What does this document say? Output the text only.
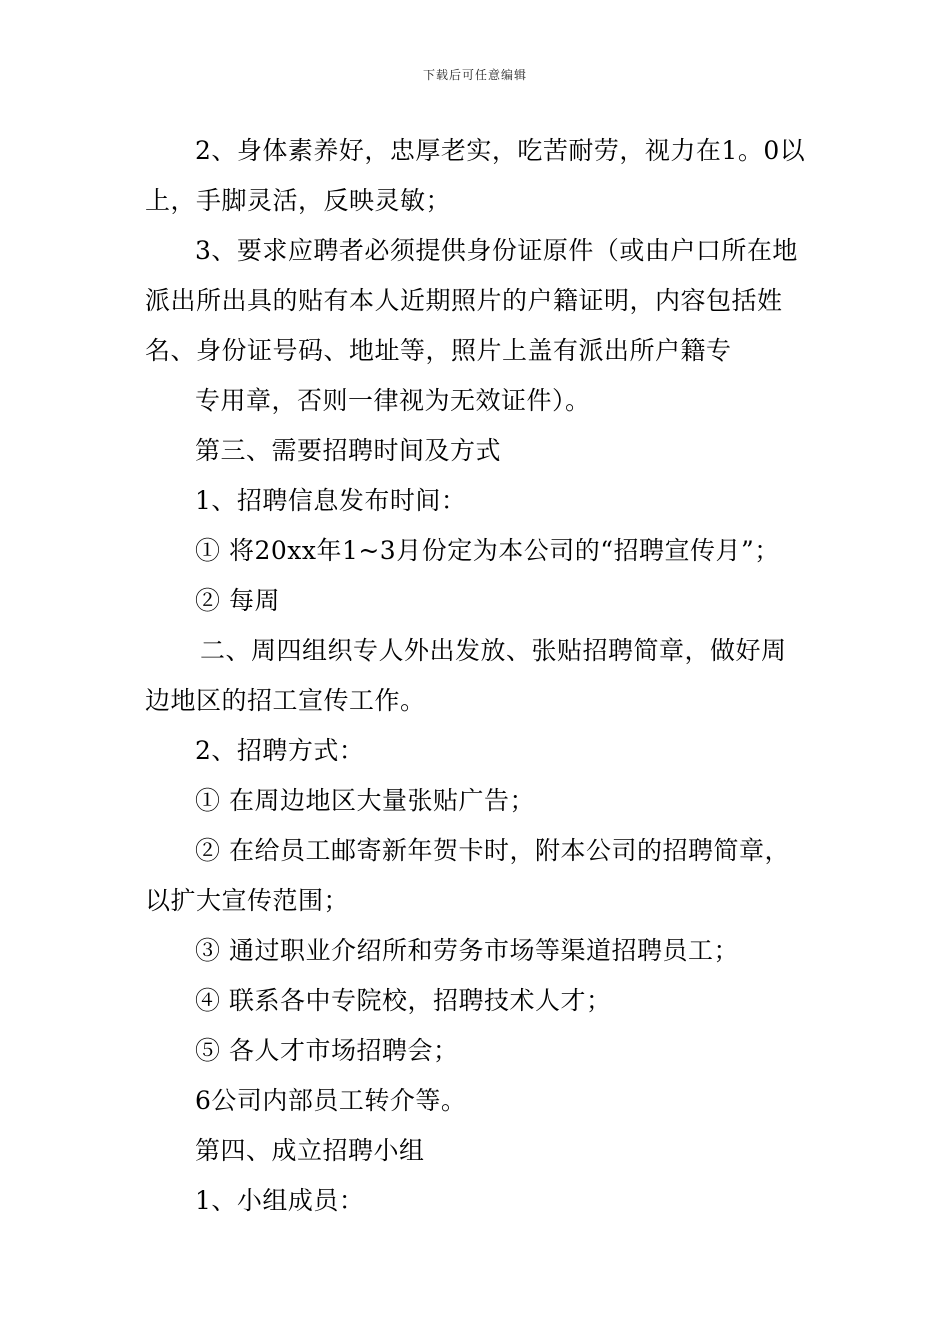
下载后可任意编辑
2、身体素养好，忠厚老实，吃苦耐劳，视力在1。0以
上，手脚灵活，反映灵敏；
3、要求应聘者必须提供身份证原件（或由户口所在地
派出所出具的贴有本人近期照片的户籍证明，内容包括姓
名、身份证号码、地址等，照片上盖有派出所户籍专
专用章，否则一律视为无效证件）。
第三、需要招聘时间及方式
1、招聘信息发布时间：
① 将20xx年1~3月份定为本公司的“招聘宣传月”；
② 每周
二、周四组织专人外出发放、张贴招聘简章，做好周
边地区的招工宣传工作。
2、招聘方式：
① 在周边地区大量张贴广告；
② 在给员工邮寄新年贺卡时，附本公司的招聘简章，
以扩大宣传范围；
③ 通过职业介绍所和劳务市场等渠道招聘员工；
④ 联系各中专院校，招聘技术人才；
⑤ 各人才市场招聘会；
6公司内部员工转介等。
第四、成立招聘小组
1、小组成员：
